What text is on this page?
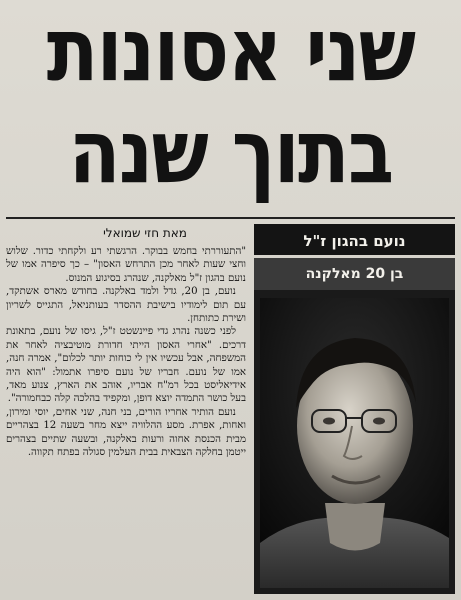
שני אסונות
בתוך שנה
מאת חזי שמואלי

"התעוררתי בחמש בבוקר. הרגשתי רע ולקחתי כדור. שלוש וחצי שעות לאחר מכן התרחש האסון" – כך סיפרה אמו של נועם בהגון ז"ל מאלקנה, שנהרג בסיגוע המנוס.

נועם, בן 20, גדל ולמד באלקנה. בחודש מארס אשתקד, עם תום לימודיו בישיבת ההסדר בעותניאל, התגייס לשריון ושירת כתותחן.

לפני כשנה נהרג גדי פיינשטט ז"ל, גיסו של נועם, בתאונת דרכים. "אחרי האסון הייתי חדורת מוטיבציה לאחר את המשפחה, אבל עכשיו אין לי כוחות יותר לכלום", אמרה חנה, אמו של נועם. חבריו של נועם סיפרו אתמול: "הוא היה אידיאליסט בכל רמ"ח אבריו, אוהב את הארץ, צנוע מאד, בעל כושר התמדה יוצא דופן, ומקפיד בהלכה קלה כבחמורה".

נועם הותיר אחריו הורים, בני חנה, שני אחים, יוסי ומירון, ואחות, אפרת. מסע ההלוויה ייצא מחר בשעה 12 בצהריים מבית הכנסת אחוה ורעות באלקנה, ובשעה שתיים בצהרים ייטמן בחלקה הצבאית בבית העלמין סגולה בפתח תקווה.

נועם בהגון ז"ל
בן 20 מאלקנה
